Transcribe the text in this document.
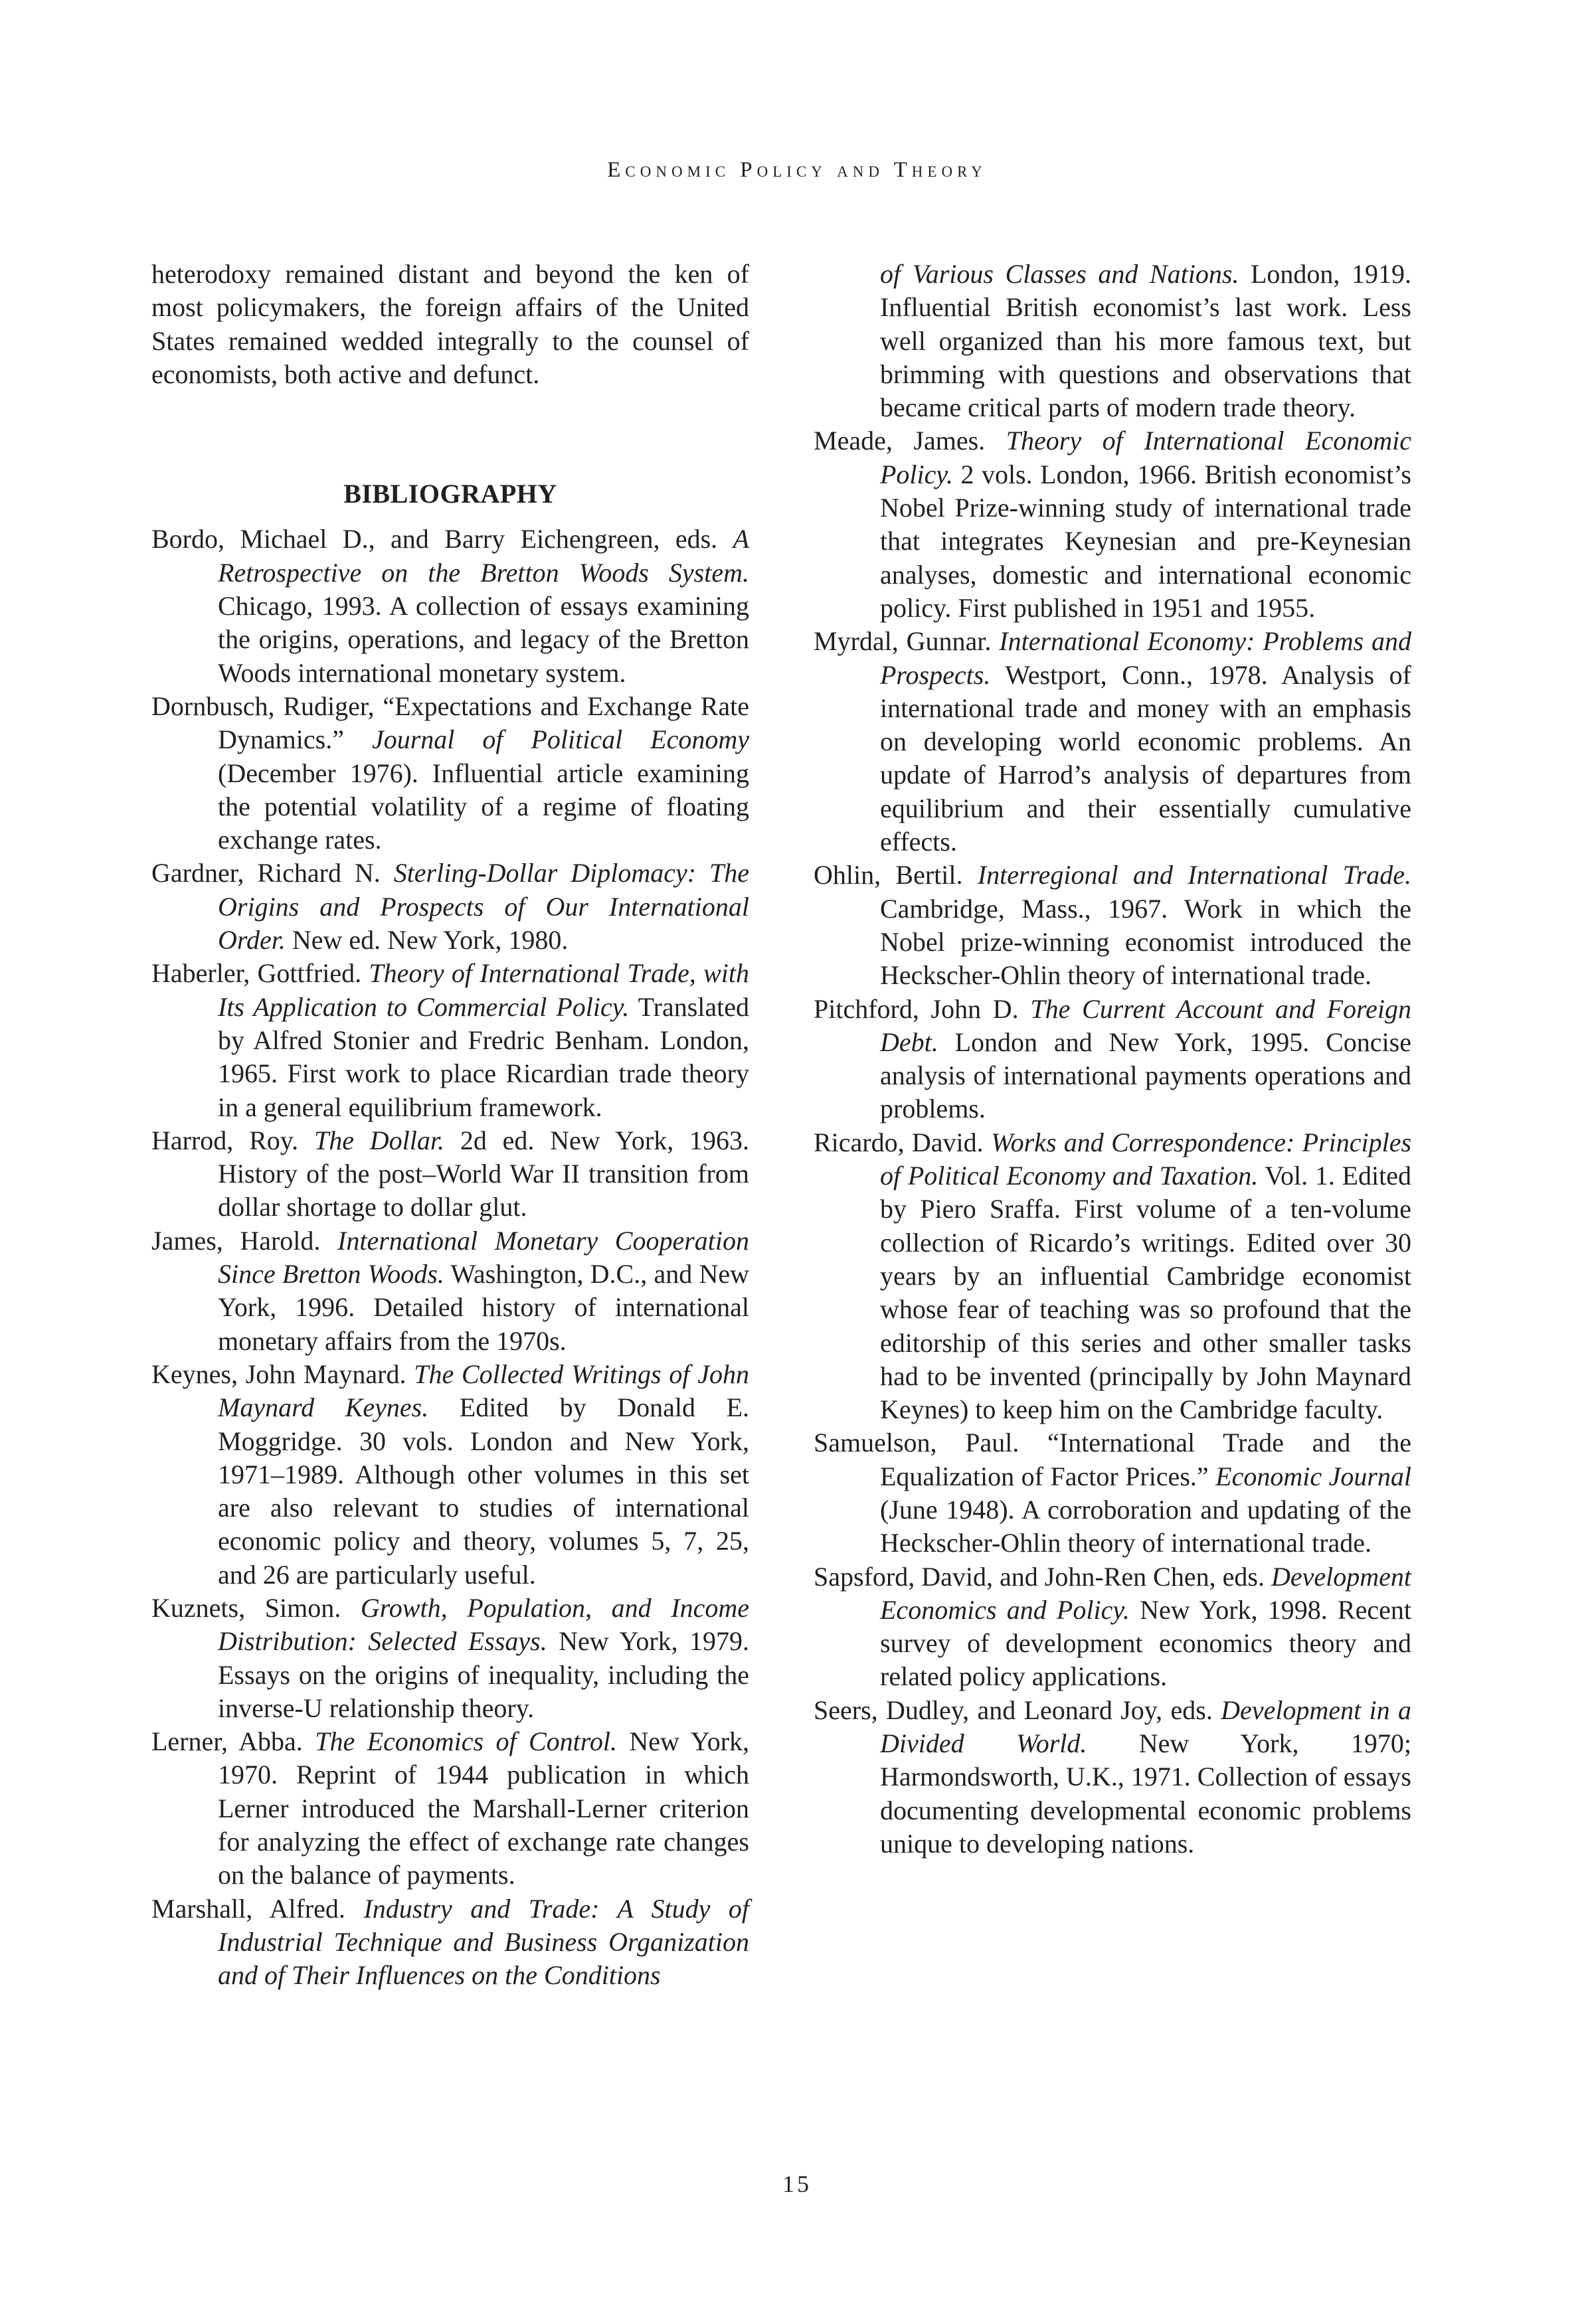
Economic Policy and Theory

heterodoxy remained distant and beyond the ken of most policymakers, the foreign affairs of the United States remained wedded integrally to the counsel of economists, both active and defunct.

BIBLIOGRAPHY

Bordo, Michael D., and Barry Eichengreen, eds. A Retrospective on the Bretton Woods System. Chicago, 1993. A collection of essays examining the origins, operations, and legacy of the Bretton Woods international monetary system.

Dornbusch, Rudiger, “Expectations and Exchange Rate Dynamics.” Journal of Political Economy (December 1976). Influential article examining the potential volatility of a regime of floating exchange rates.

Gardner, Richard N. Sterling-Dollar Diplomacy: The Origins and Prospects of Our International Order. New ed. New York, 1980.

Haberler, Gottfried. Theory of International Trade, with Its Application to Commercial Policy. Translated by Alfred Stonier and Fredric Benham. London, 1965. First work to place Ricardian trade theory in a general equilibrium framework.

Harrod, Roy. The Dollar. 2d ed. New York, 1963. History of the post–World War II transition from dollar shortage to dollar glut.

James, Harold. International Monetary Cooperation Since Bretton Woods. Washington, D.C., and New York, 1996. Detailed history of international monetary affairs from the 1970s.

Keynes, John Maynard. The Collected Writings of John Maynard Keynes. Edited by Donald E. Moggridge. 30 vols. London and New York, 1971–1989. Although other volumes in this set are also relevant to studies of international economic policy and theory, volumes 5, 7, 25, and 26 are particularly useful.

Kuznets, Simon. Growth, Population, and Income Distribution: Selected Essays. New York, 1979. Essays on the origins of inequality, including the inverse-U relationship theory.

Lerner, Abba. The Economics of Control. New York, 1970. Reprint of 1944 publication in which Lerner introduced the Marshall-Lerner criterion for analyzing the effect of exchange rate changes on the balance of payments.

Marshall, Alfred. Industry and Trade: A Study of Industrial Technique and Business Organization and of Their Influences on the Conditions

of Various Classes and Nations. London, 1919. Influential British economist’s last work. Less well organized than his more famous text, but brimming with questions and observations that became critical parts of modern trade theory.

Meade, James. Theory of International Economic Policy. 2 vols. London, 1966. British economist’s Nobel Prize-winning study of international trade that integrates Keynesian and pre-Keynesian analyses, domestic and international economic policy. First published in 1951 and 1955.

Myrdal, Gunnar. International Economy: Problems and Prospects. Westport, Conn., 1978. Analysis of international trade and money with an emphasis on developing world economic problems. An update of Harrod’s analysis of departures from equilibrium and their essentially cumulative effects.

Ohlin, Bertil. Interregional and International Trade. Cambridge, Mass., 1967. Work in which the Nobel prize-winning economist introduced the Heckscher-Ohlin theory of international trade.

Pitchford, John D. The Current Account and Foreign Debt. London and New York, 1995. Concise analysis of international payments operations and problems.

Ricardo, David. Works and Correspondence: Principles of Political Economy and Taxation. Vol. 1. Edited by Piero Sraffa. First volume of a ten-volume collection of Ricardo’s writings. Edited over 30 years by an influential Cambridge economist whose fear of teaching was so profound that the editorship of this series and other smaller tasks had to be invented (principally by John Maynard Keynes) to keep him on the Cambridge faculty.

Samuelson, Paul. “International Trade and the Equalization of Factor Prices.” Economic Journal (June 1948). A corroboration and updating of the Heckscher-Ohlin theory of international trade.

Sapsford, David, and John-Ren Chen, eds. Development Economics and Policy. New York, 1998. Recent survey of development economics theory and related policy applications.

Seers, Dudley, and Leonard Joy, eds. Development in a Divided World. New York, 1970; Harmondsworth, U.K., 1971. Collection of essays documenting developmental economic problems unique to developing nations.

15
